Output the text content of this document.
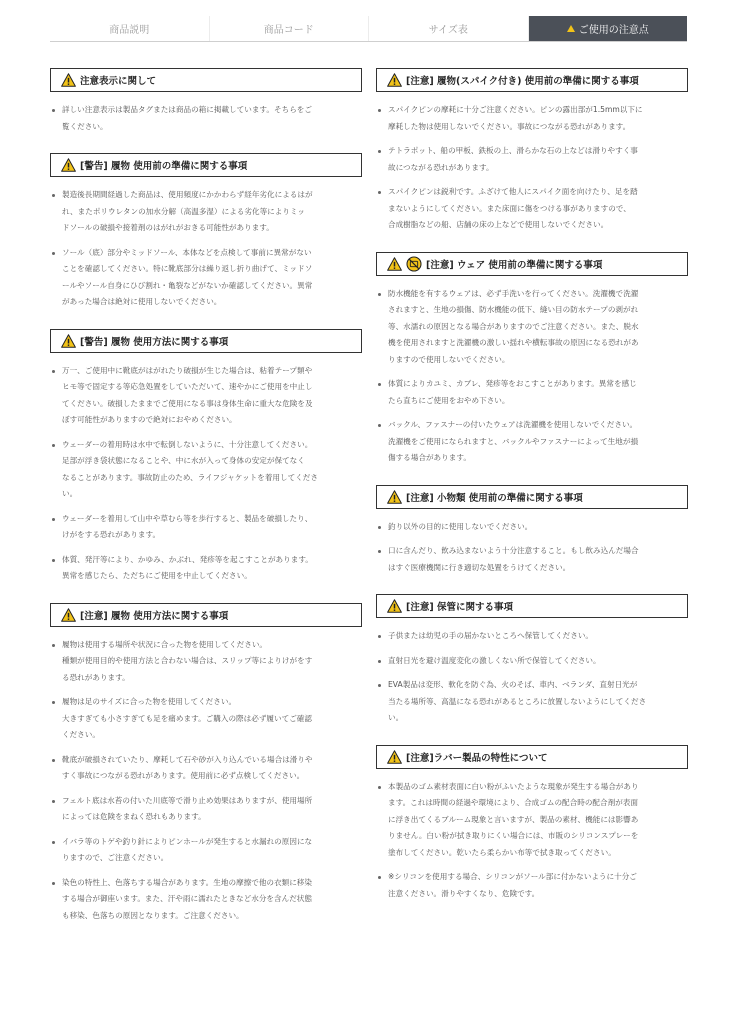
商品説明	商品コード	サイズ表	ご使用の注意点
注意表示に関して
詳しい注意表示は製品タグまたは商品の箱に掲載しています。そちらをご
覧ください。
[警告] 履物 使用前の準備に関する事項
製造後長期間経過した商品は、使用頻度にかかわらず経年劣化によるはが
れ、またポリウレタンの加水分解（高温多湿）による劣化等によりミッ
ドソールの破損や接着剤のはがれがおきる可能性があります。
ソール（底）部分やミッドソール、本体などを点検して事前に異常がない
ことを確認してください。特に靴底部分は繰り返し折り曲げて、ミッドソ
ールやソール自身にひび割れ・亀裂などがないか確認してください。異常
があった場合は絶対に使用しないでください。
[警告] 履物 使用方法に関する事項
万一、ご使用中に靴底がはがれたり破損が生じた場合は、粘着テープ類や
ヒモ等で固定する等応急処置をしていただいて、速やかにご使用を中止し
てください。破損したままでご使用になる事は身体生命に重大な危険を及
ぼす可能性がありますので絶対におやめください。
ウェーダーの着用時は水中で転倒しないように、十分注意してください。
足部が浮き袋状態になることや、中に水が入って身体の安定が保てなく
なることがあります。事故防止のため、ライフジャケットを着用してくださ
い。
ウェーダーを着用して山中や草むら等を歩行すると、製品を破損したり、
けがをする恐れがあります。
体質、発汗等により、かゆみ、かぶれ、発疹等を起こすことがあります。
異常を感じたら、ただちにご使用を中止してください。
[注意] 履物 使用方法に関する事項
履物は使用する場所や状況に合った物を使用してください。
種類が使用目的や使用方法と合わない場合は、スリップ等によりけがをす
る恐れがあります。
履物は足のサイズに合った物を使用してください。
大きすぎても小さすぎても足を痛めます。ご購入の際は必ず履いてご確認
ください。
靴底が破損されていたり、摩耗して石や砂が入り込んでいる場合は滑りや
すく事故につながる恐れがあります。使用前に必ず点検してください。
フェルト底は水苔の付いた川底等で滑り止め効果はありますが、使用場所
によっては危険をまねく恐れもあります。
イバラ等のトゲや釣り針によりピンホールが発生すると水漏れの原因にな
りますので、ご注意ください。
染色の特性上、色落ちする場合があります。生地の摩擦で他の衣類に移染
する場合が御座います。また、汗や雨に濡れたときなど水分を含んだ状態
も移染、色落ちの原因となります。ご注意ください。
[注意] 履物(スパイク付き) 使用前の準備に関する事項
スパイクピンの摩耗に十分ご注意ください。ピンの露出部が1.5mm以下に
摩耗した物は使用しないでください。事故につながる恐れがあります。
テトラポット、船の甲板、鉄板の上、滑らかな石の上などは滑りやすく事
故につながる恐れがあります。
スパイクピンは鋭利です。ふざけて他人にスパイク面を向けたり、足を踏
まないようにしてください。また床面に傷をつける事がありますので、
合成樹脂などの船、店舗の床の上などで使用しないでください。
[注意] ウェア 使用前の準備に関する事項
防水機能を有するウェアは、必ず手洗いを行ってください。洗濯機で洗濯
されますと、生地の損傷、防水機能の低下、縫い目の防水テープの剥がれ
等、水濡れの原因となる場合がありますのでご注意ください。また、脱水
機を使用されますと洗濯機の激しい揺れや横転事故の原因になる恐れがあ
りますので使用しないでください。
体質によりカユミ、カブレ、発疹等をおこすことがあります。異常を感じ
たら直ちにご使用をおやめ下さい。
バックル、ファスナーの付いたウェアは洗濯機を使用しないでください。
洗濯機をご使用になられますと、バックルやファスナーによって生地が損
傷する場合があります。
[注意] 小物類 使用前の準備に関する事項
釣り以外の目的に使用しないでください。
口に含んだり、飲み込まないよう十分注意すること。もし飲み込んだ場合
はすぐ医療機関に行き適切な処置をうけてください。
[注意] 保管に関する事項
子供または幼児の手の届かないところへ保管してください。
直射日光を避け温度変化の激しくない所で保管してください。
EVA製品は変形、軟化を防ぐ為、火のそば、車内、ベランダ、直射日光が
当たる場所等、高温になる恐れがあるところに放置しないようにしてくださ
い。
[注意]ラバー製品の特性について
本製品のゴム素材表面に白い粉がふいたような現象が発生する場合があり
ます。これは時間の経過や環境により、合成ゴムの配合時の配合剤が表面
に浮き出てくるブルーム現象と言いますが、製品の素材、機能には影響あ
りません。白い粉が拭き取りにくい場合には、市販のシリコンスプレーを
塗布してください。乾いたら柔らかい布等で拭き取ってください。
※シリコンを使用する場合、シリコンがソール部に付かないように十分ご
注意ください。滑りやすくなり、危険です。
